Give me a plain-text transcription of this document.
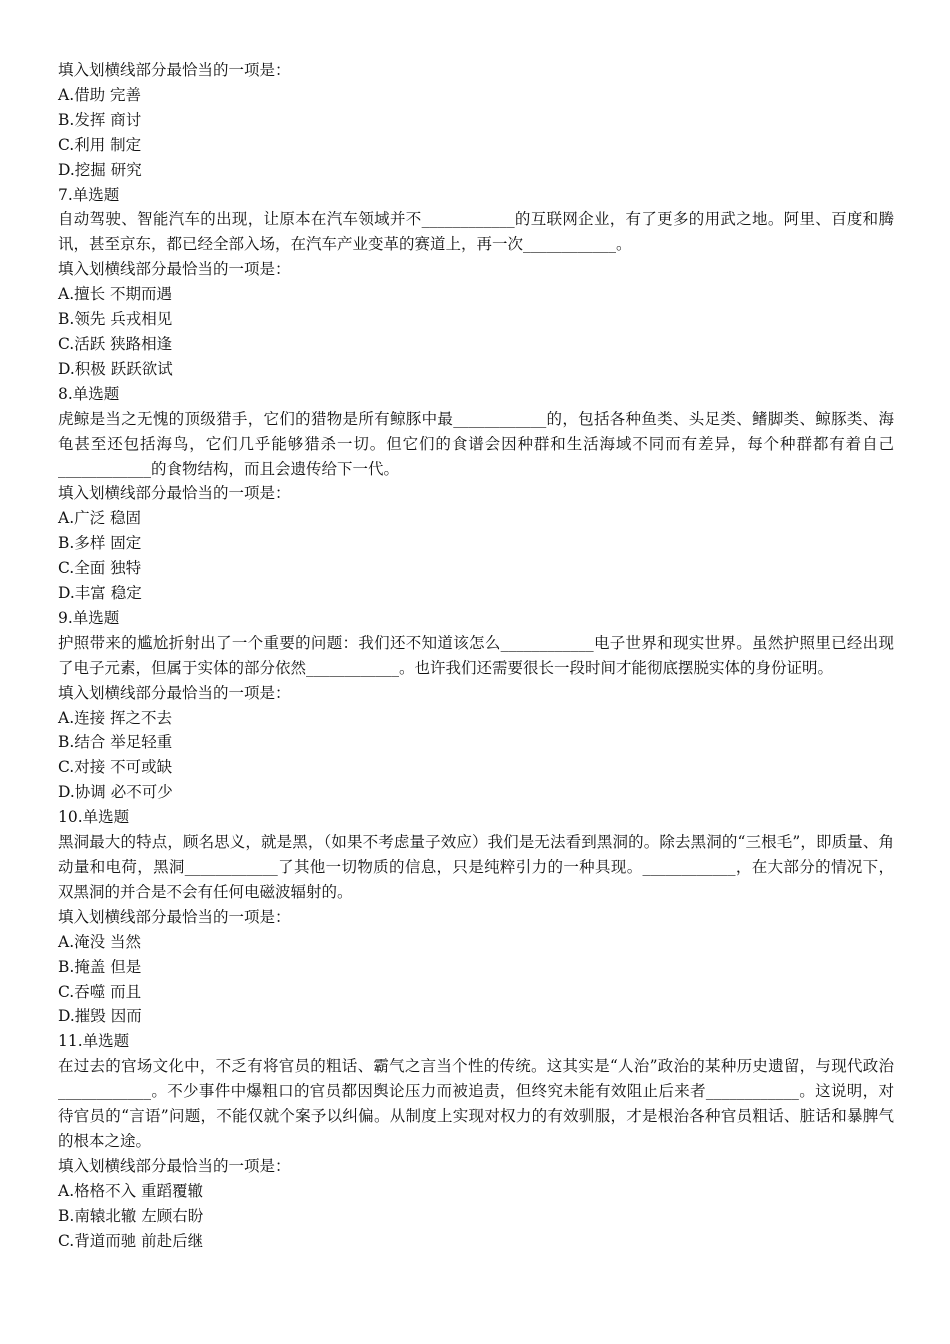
填入划横线部分最恰当的一项是：
A.借助 完善
B.发挥 商讨
C.利用 制定
D.挖掘 研究
7.单选题
自动驾驶、智能汽车的出现，让原本在汽车领域并不____________的互联网企业，有了更多的用武之地。阿里、百度和腾讯，甚至京东，都已经全部入场，在汽车产业变革的赛道上，再一次____________。
填入划横线部分最恰当的一项是：
A.擅长 不期而遇
B.领先 兵戎相见
C.活跃 狭路相逢
D.积极 跃跃欲试
8.单选题
虎鲸是当之无愧的顶级猎手，它们的猎物是所有鲸豚中最____________的，包括各种鱼类、头足类、鳍脚类、鲸豚类、海龟甚至还包括海鸟，它们几乎能够猎杀一切。但它们的食谱会因种群和生活海域不同而有差异，每个种群都有着自己____________的食物结构，而且会遗传给下一代。
填入划横线部分最恰当的一项是：
A.广泛 稳固
B.多样 固定
C.全面 独特
D.丰富 稳定
9.单选题
护照带来的尴尬折射出了一个重要的问题：我们还不知道该怎么____________电子世界和现实世界。虽然护照里已经出现了电子元素，但属于实体的部分依然____________。也许我们还需要很长一段时间才能彻底摆脱实体的身份证明。
填入划横线部分最恰当的一项是：
A.连接 挥之不去
B.结合 举足轻重
C.对接 不可或缺
D.协调 必不可少
10.单选题
黑洞最大的特点，顾名思义，就是黑，（如果不考虑量子效应）我们是无法看到黑洞的。除去黑洞的“三根毛”，即质量、角动量和电荷，黑洞____________了其他一切物质的信息，只是纯粹引力的一种具现。____________，在大部分的情况下，双黑洞的并合是不会有任何电磁波辐射的。
填入划横线部分最恰当的一项是：
A.淹没 当然
B.掩盖 但是
C.吞噬 而且
D.摧毁 因而
11.单选题
在过去的官场文化中，不乏有将官员的粗话、霸气之言当个性的传统。这其实是“人治”政治的某种历史遗留，与现代政治____________。不少事件中爆粗口的官员都因舆论压力而被追责，但终究未能有效阻止后来者____________。这说明，对待官员的“言语”问题，不能仅就个案予以纠偏。从制度上实现对权力的有效驯服，才是根治各种官员粗话、脏话和暴脾气的根本之途。
填入划横线部分最恰当的一项是：
A.格格不入 重蹈覆辙
B.南辕北辙 左顾右盼
C.背道而驰 前赴后继
